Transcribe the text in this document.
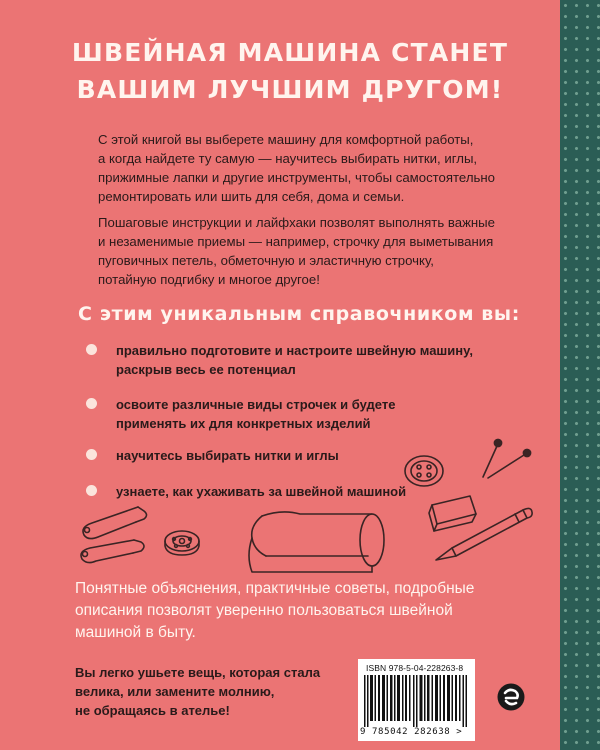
ШВЕЙНАЯ МАШИНА СТАНЕТ
ВАШИМ ЛУЧШИМ ДРУГОМ!

С этой книгой вы выберете машину для комфортной работы,
а когда найдете ту самую — научитесь выбирать нитки, иглы,
прижимные лапки и другие инструменты, чтобы самостоятельно
ремонтировать или шить для себя, дома и семьи.

Пошаговые инструкции и лайфхаки позволят выполнять важные
и незаменимые приемы — например, строчку для выметывания
пуговичных петель, обметочную и эластичную строчку,
потайную подгибку и многое другое!

С этим уникальным справочником вы:
правильно подготовите и настроите швейную машину,
раскрыв весь ее потенциал
освоите различные виды строчек и будете
применять их для конкретных изделий
научитесь выбирать нитки и иглы
узнаете, как ухаживать за швейной машиной

Понятные объяснения, практичные советы, подробные
описания позволят уверенно пользоваться швейной
машиной в быту.

Вы легко ушьете вещь, которая стала
велика, или замените молнию,
не обращаясь в ателье!

ISBN 978-5-04-228263-8
9 785042 282638 >
